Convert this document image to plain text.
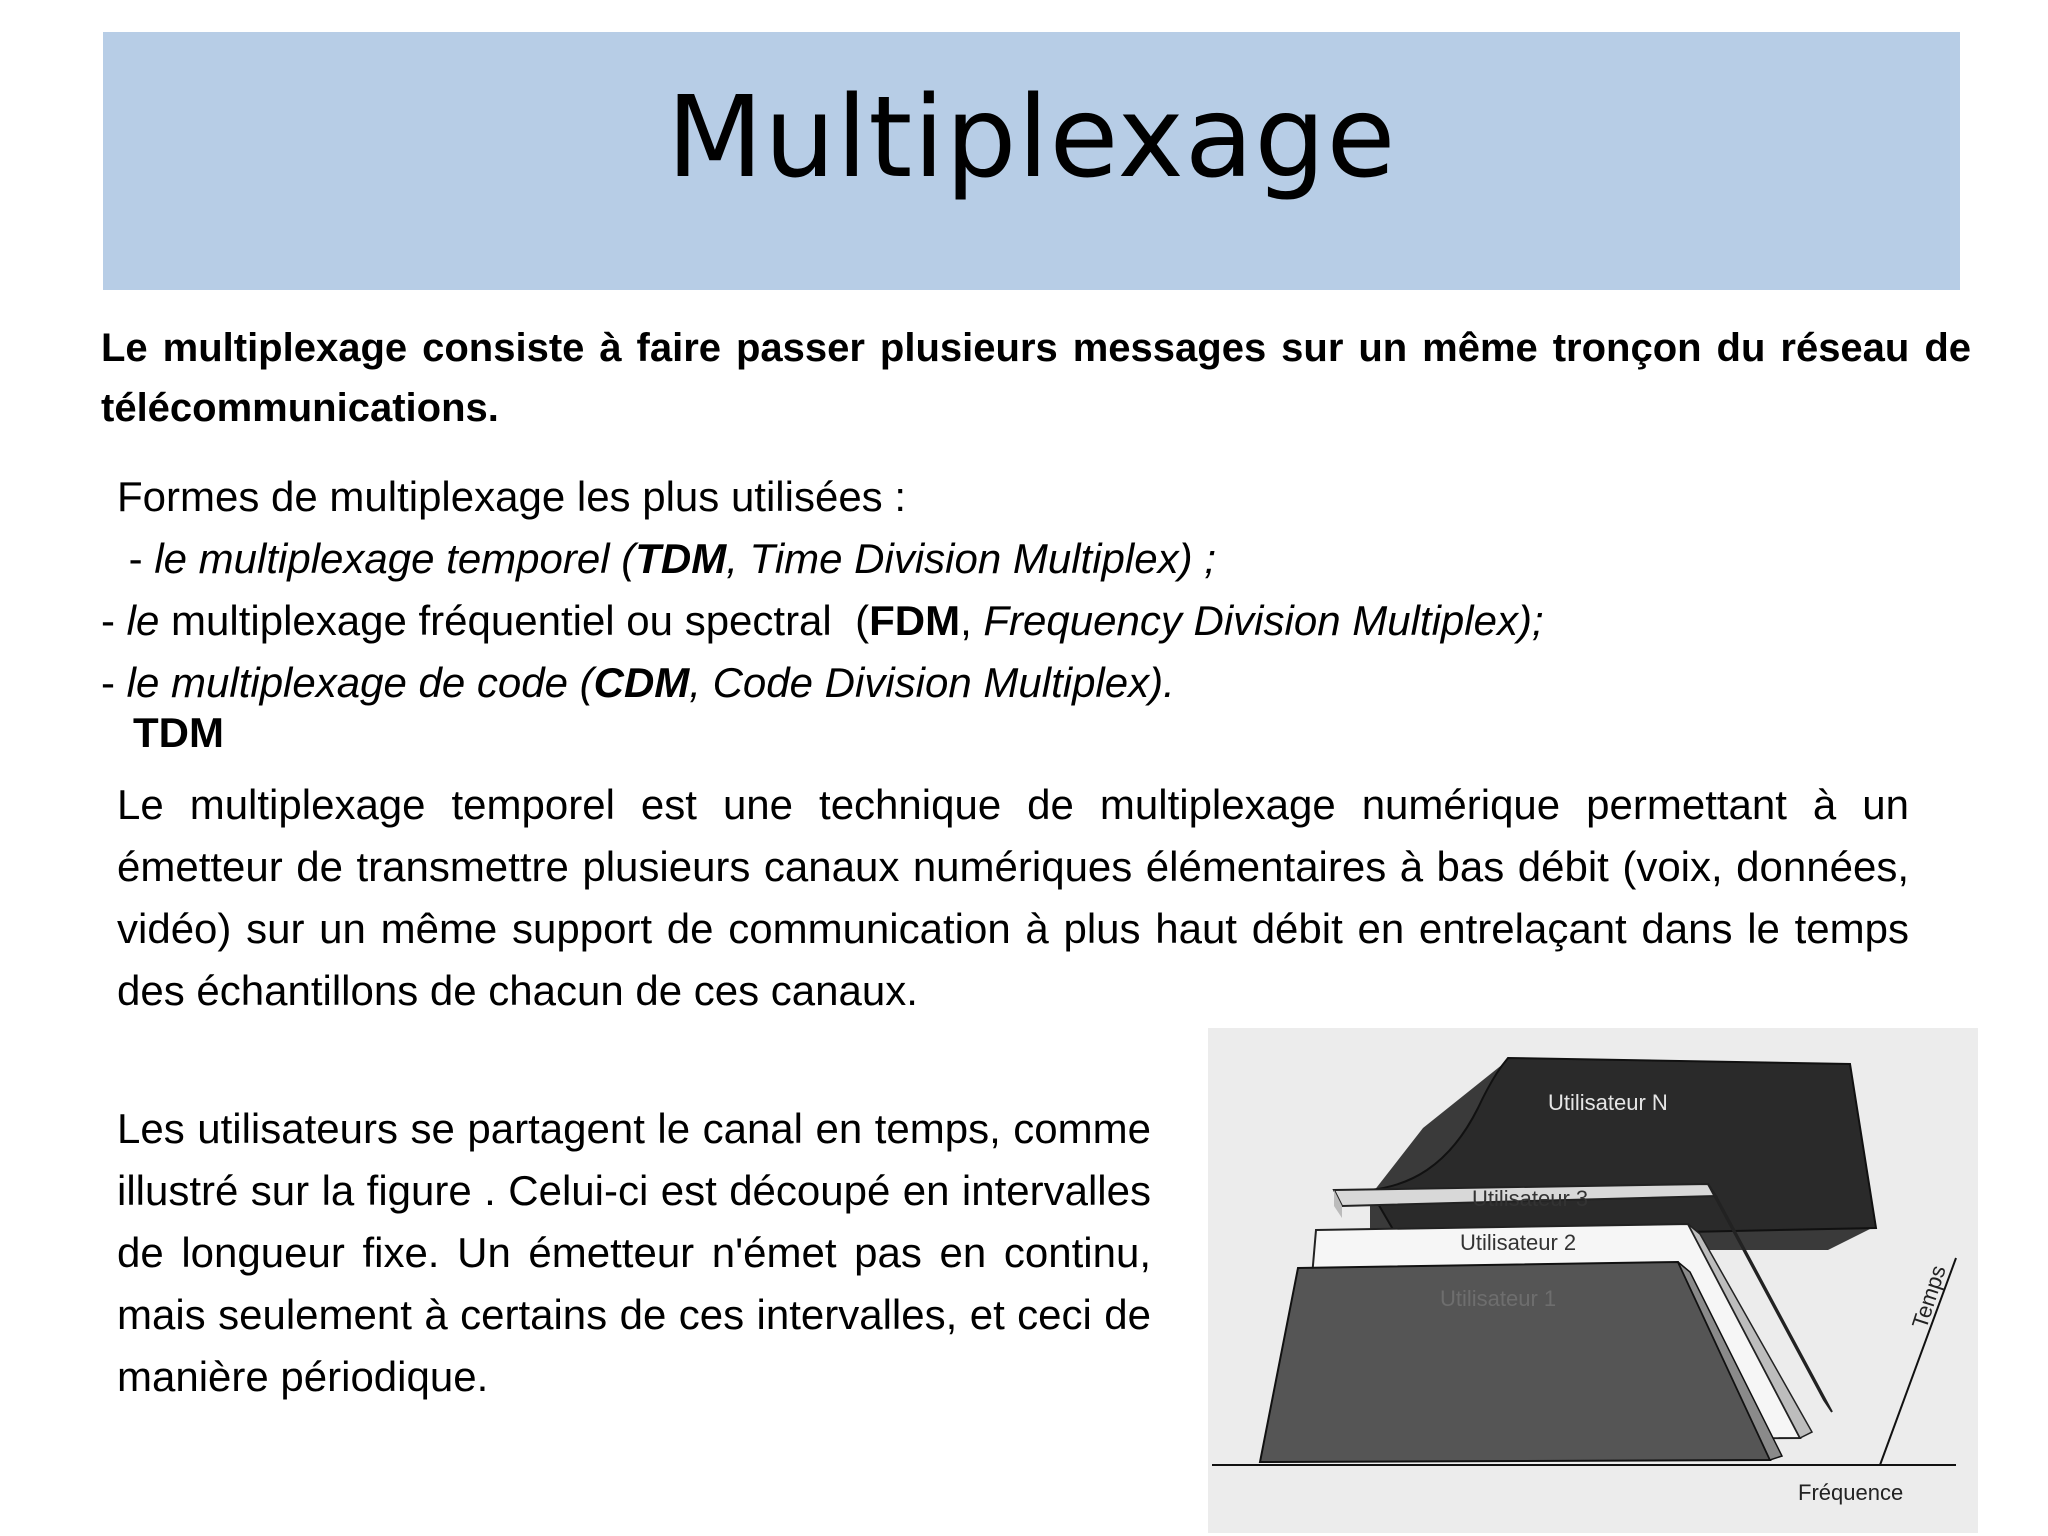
Multiplexage
Le multiplexage consiste à faire passer plusieurs messages sur un même tronçon du réseau de télécommunications.
Formes de multiplexage les plus utilisées :
- le multiplexage temporel (TDM, Time Division Multiplex) ;
- le multiplexage fréquentiel ou spectral  (FDM, Frequency Division Multiplex);
- le multiplexage de code (CDM, Code Division Multiplex).
TDM
Le multiplexage temporel est une technique de multiplexage numérique permettant à un émetteur de transmettre plusieurs canaux numériques élémentaires à bas débit (voix, données, vidéo) sur un même support de communication à plus haut débit en entrelaçant dans le temps des échantillons de chacun de ces canaux.
Les utilisateurs se partagent le canal en temps, comme illustré sur la figure . Celui-ci est découpé en intervalles de longueur fixe. Un émetteur n'émet pas en continu, mais seulement à certains de ces intervalles, et ceci de manière périodique.
Fréquence
Temps
Utilisateur N
Utilisateur 3
Utilisateur 2
Utilisateur 1
